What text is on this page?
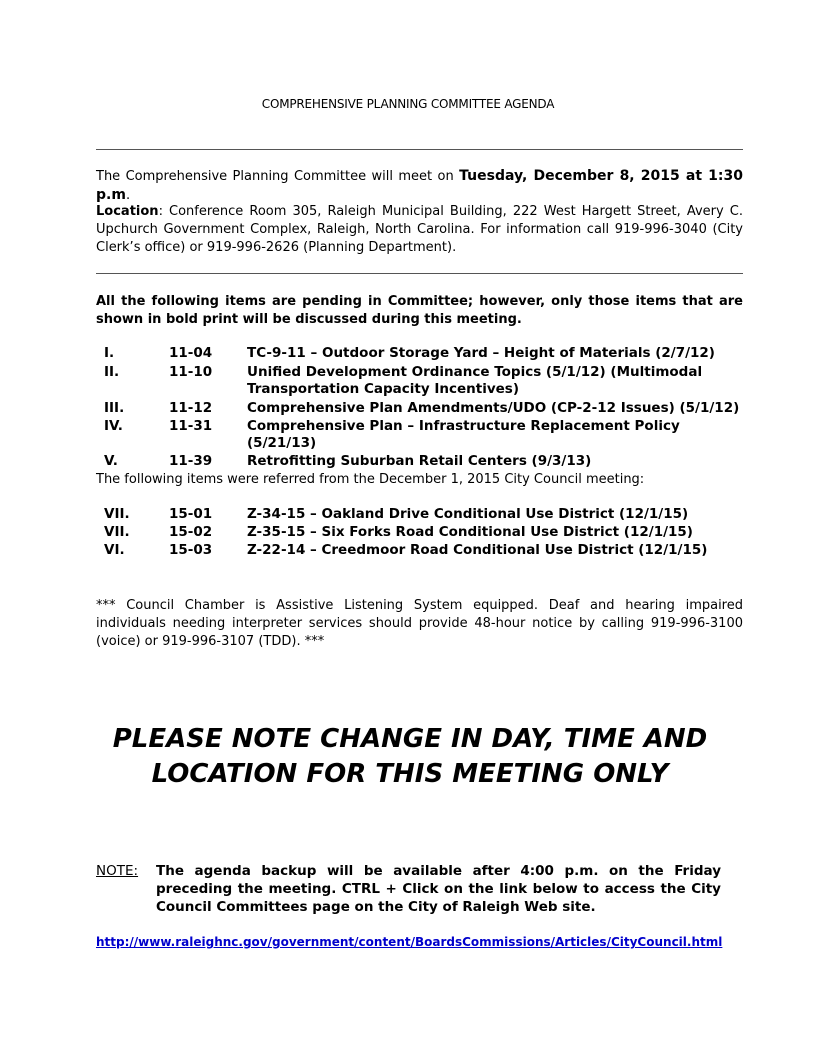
COMPREHENSIVE PLANNING COMMITTEE AGENDA
The Comprehensive Planning Committee will meet on Tuesday, December 8, 2015 at 1:30 p.m.
Location: Conference Room 305, Raleigh Municipal Building, 222 West Hargett Street, Avery C. Upchurch Government Complex, Raleigh, North Carolina. For information call 919-996-3040 (City Clerk’s office) or 919-996-2626 (Planning Department).
All the following items are pending in Committee; however, only those items that are shown in bold print will be discussed during this meeting.
I.	11-04	TC-9-11 – Outdoor Storage Yard – Height of Materials (2/7/12)
II.	11-10	Unified Development Ordinance Topics (5/1/12) (Multimodal Transportation Capacity Incentives)
III.	11-12	Comprehensive Plan Amendments/UDO (CP-2-12 Issues) (5/1/12)
IV.	11-31	Comprehensive Plan – Infrastructure Replacement Policy (5/21/13)
V.	11-39	Retrofitting Suburban Retail Centers (9/3/13)
The following items were referred from the December 1, 2015 City Council meeting:
VII.	15-01	Z-34-15 – Oakland Drive Conditional Use District (12/1/15)
VII.	15-02	Z-35-15 – Six Forks Road Conditional Use District (12/1/15)
VI.	15-03	Z-22-14 – Creedmoor Road Conditional Use District (12/1/15)
*** Council Chamber is Assistive Listening System equipped. Deaf and hearing impaired individuals needing interpreter services should provide 48-hour notice by calling 919-996-3100 (voice) or 919-996-3107 (TDD). ***
PLEASE NOTE CHANGE IN DAY, TIME AND
LOCATION FOR THIS MEETING ONLY
NOTE:	The agenda backup will be available after 4:00 p.m. on the Friday preceding the meeting. CTRL + Click on the link below to access the City Council Committees page on the City of Raleigh Web site.
http://www.raleighnc.gov/government/content/BoardsCommissions/Articles/CityCouncil.html
